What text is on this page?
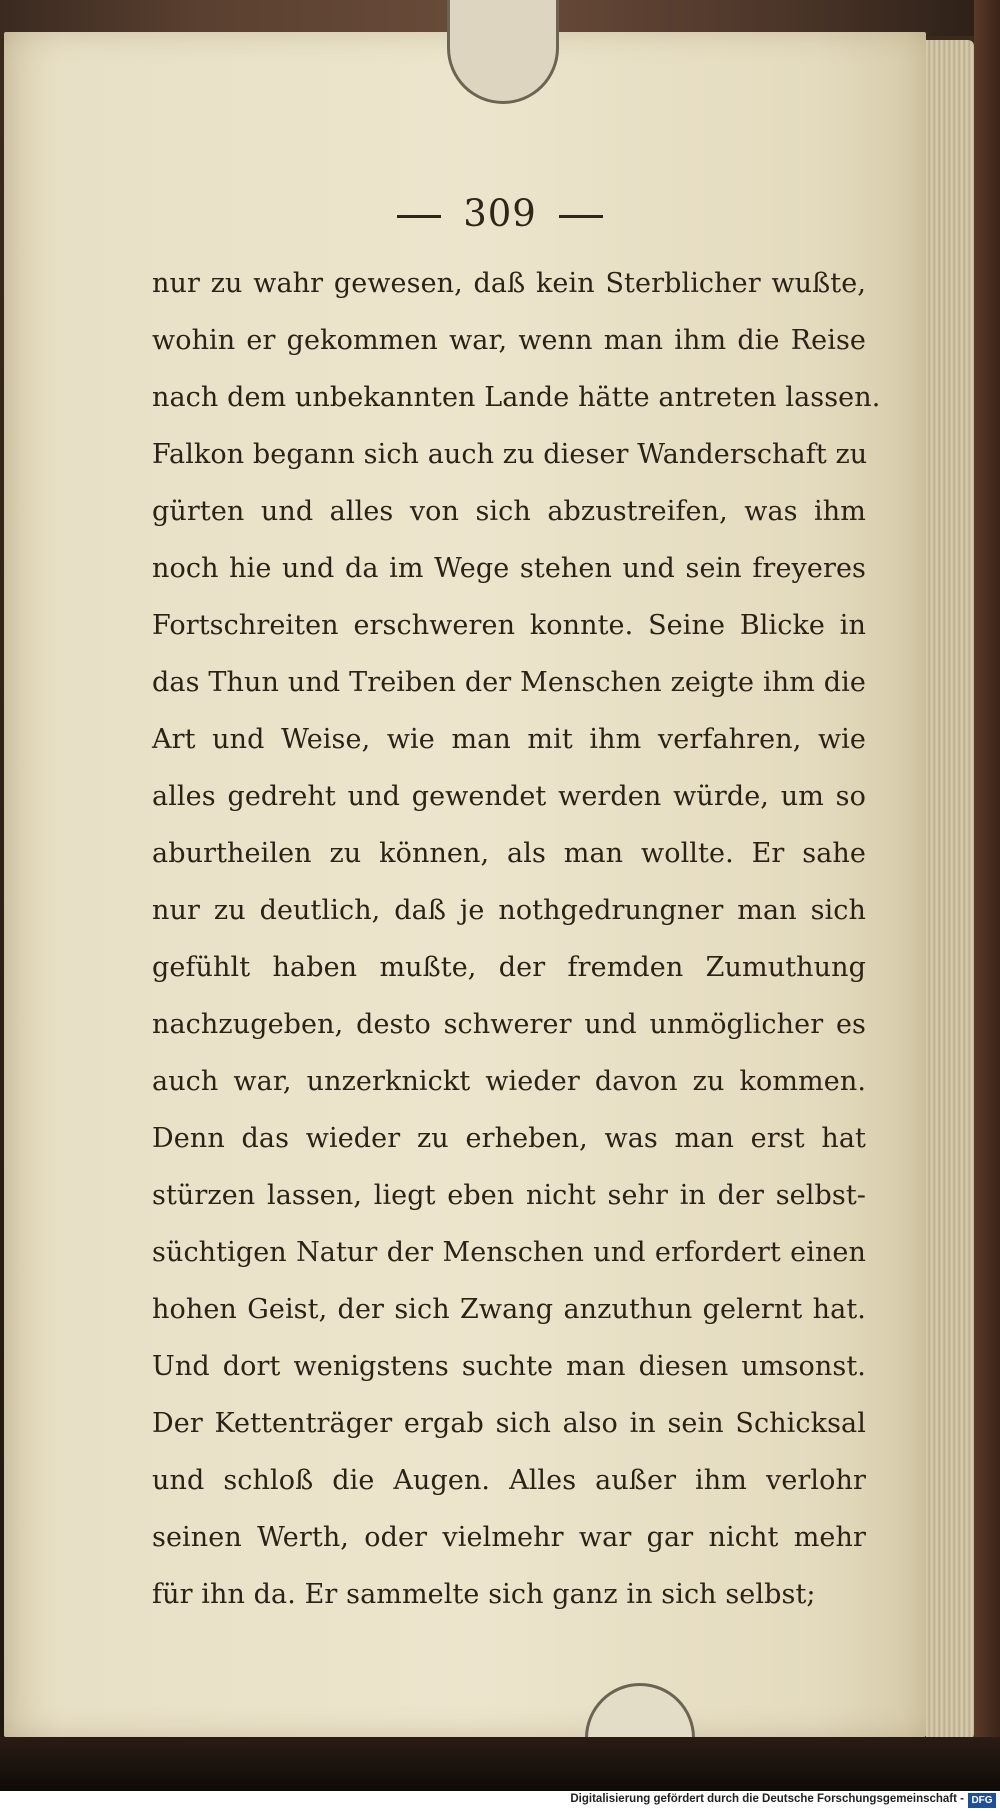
309
nur zu wahr gewesen, daß kein Sterblicher wußte,
wohin er gekommen war, wenn man ihm die Reise
nach dem unbekannten Lande hätte antreten lassen.
Falkon begann sich auch zu dieser Wanderschaft zu
gürten und alles von sich abzustreifen, was ihm
noch hie und da im Wege stehen und sein freyeres
Fortschreiten erschweren konnte. Seine Blicke in
das Thun und Treiben der Menschen zeigte ihm die
Art und Weise, wie man mit ihm verfahren, wie
alles gedreht und gewendet werden würde, um so
aburtheilen zu können, als man wollte. Er sahe
nur zu deutlich, daß je nothgedrungner man sich
gefühlt haben mußte, der fremden Zumuthung
nachzugeben, desto schwerer und unmöglicher es
auch war, unzerknickt wieder davon zu kommen.
Denn das wieder zu erheben, was man erst hat
stürzen lassen, liegt eben nicht sehr in der selbst-
süchtigen Natur der Menschen und erfordert einen
hohen Geist, der sich Zwang anzuthun gelernt hat.
Und dort wenigstens suchte man diesen umsonst.
Der Kettenträger ergab sich also in sein Schicksal
und schloß die Augen. Alles außer ihm verlohr
seinen Werth, oder vielmehr war gar nicht mehr
für ihn da. Er sammelte sich ganz in sich selbst;
Digitalisierung gefördert durch die Deutsche Forschungsgemeinschaft - DFG
